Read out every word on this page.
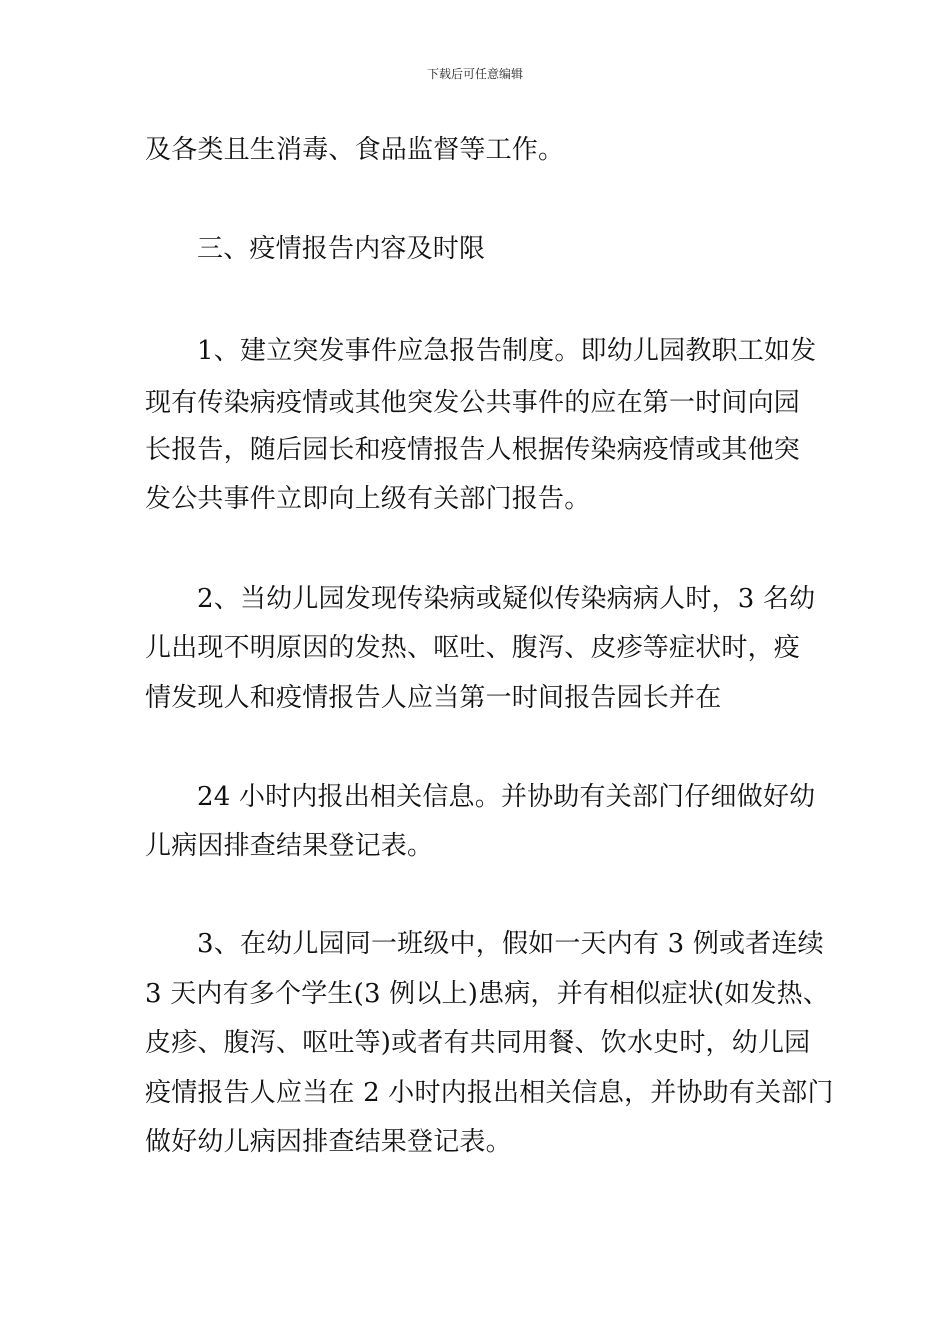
下载后可任意编辑
及各类且生消毒、食品监督等工作。
三、疫情报告内容及时限
1、建立突发事件应急报告制度。即幼儿园教职工如发
现有传染病疫情或其他突发公共事件的应在第一时间向园
长报告，随后园长和疫情报告人根据传染病疫情或其他突
发公共事件立即向上级有关部门报告。
2、当幼儿园发现传染病或疑似传染病病人时，3 名幼
儿出现不明原因的发热、呕吐、腹泻、皮疹等症状时，疫
情发现人和疫情报告人应当第一时间报告园长并在
24 小时内报出相关信息。并协助有关部门仔细做好幼
儿病因排查结果登记表。
3、在幼儿园同一班级中，假如一天内有 3 例或者连续
3 天内有多个学生(3 例以上)患病，并有相似症状(如发热、
皮疹、腹泻、呕吐等)或者有共同用餐、饮水史时，幼儿园
疫情报告人应当在 2 小时内报出相关信息，并协助有关部门
做好幼儿病因排查结果登记表。
